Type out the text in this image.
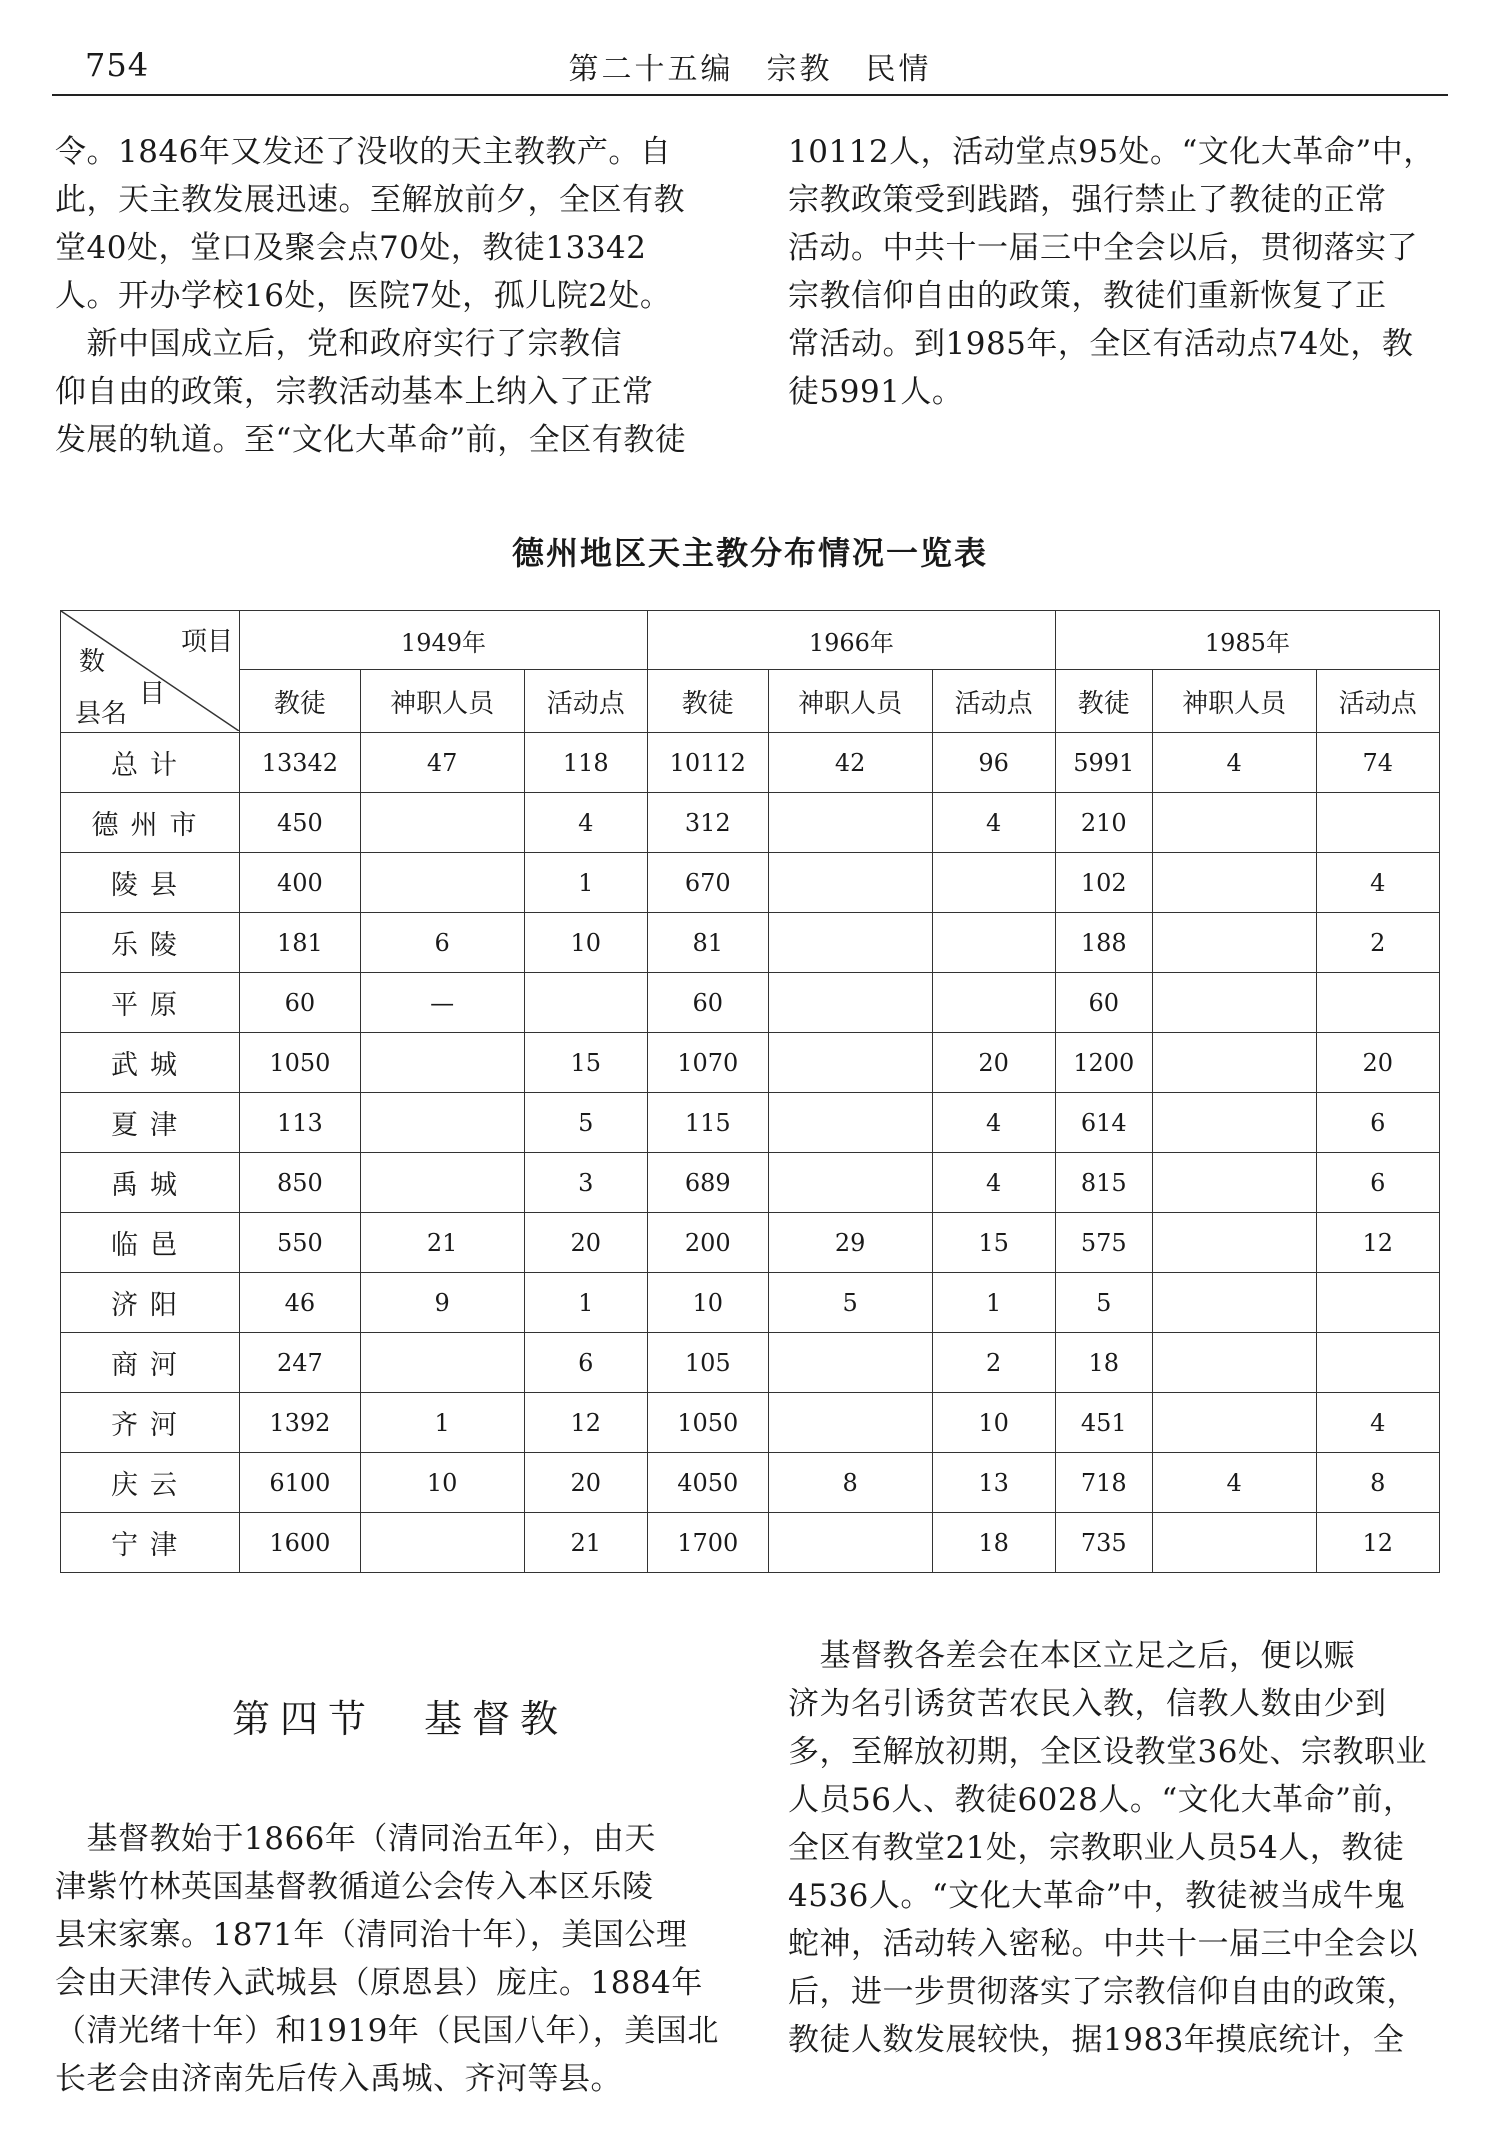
754	第二十五编　宗教　民情
令。1846年又发还了没收的天主教教产。自
此，天主教发展迅速。至解放前夕，全区有教
堂40处，堂口及聚会点70处，教徒13342
人。开办学校16处，医院7处，孤儿院2处。
　新中国成立后，党和政府实行了宗教信
仰自由的政策，宗教活动基本上纳入了正常
发展的轨道。至“文化大革命”前，全区有教徒
10112人，活动堂点95处。“文化大革命”中，
宗教政策受到践踏，强行禁止了教徒的正常
活动。中共十一届三中全会以后，贯彻落实了
宗教信仰自由的政策，教徒们重新恢复了正
常活动。到1985年，全区有活动点74处，教
徒5991人。
德州地区天主教分布情况一览表
项目
数
目
县名	1949年			1966年			1985年		
	教徒	神职人员	活动点	教徒	神职人员	活动点	教徒	神职人员	活动点
总计	13342	47	118	10112	42	96	5991	4	74
德州市	450		4	312		4	210		
陵县	400		1	670			102		4
乐陵	181	6	10	81			188		2
平原	60	—		60			60		
武城	1050		15	1070		20	1200		20
夏津	113		5	115		4	614		6
禹城	850		3	689		4	815		6
临邑	550	21	20	200	29	15	575		12
济阳	46	9	1	10	5	1	5		
商河	247		6	105		2	18		
齐河	1392	1	12	1050		10	451		4
庆云	6100	10	20	4050	8	13	718	4	8
宁津	1600		21	1700		18	735		12
第四节　基督教
　基督教始于1866年（清同治五年），由天
津紫竹林英国基督教循道公会传入本区乐陵
县宋家寨。1871年（清同治十年），美国公理
会由天津传入武城县（原恩县）庞庄。1884年
（清光绪十年）和1919年（民国八年），美国北
长老会由济南先后传入禹城、齐河等县。
　基督教各差会在本区立足之后，便以赈
济为名引诱贫苦农民入教，信教人数由少到
多，至解放初期，全区设教堂36处、宗教职业
人员56人、教徒6028人。“文化大革命”前，
全区有教堂21处，宗教职业人员54人，教徒
4536人。“文化大革命”中，教徒被当成牛鬼
蛇神，活动转入密秘。中共十一届三中全会以
后，进一步贯彻落实了宗教信仰自由的政策，
教徒人数发展较快，据1983年摸底统计，全
